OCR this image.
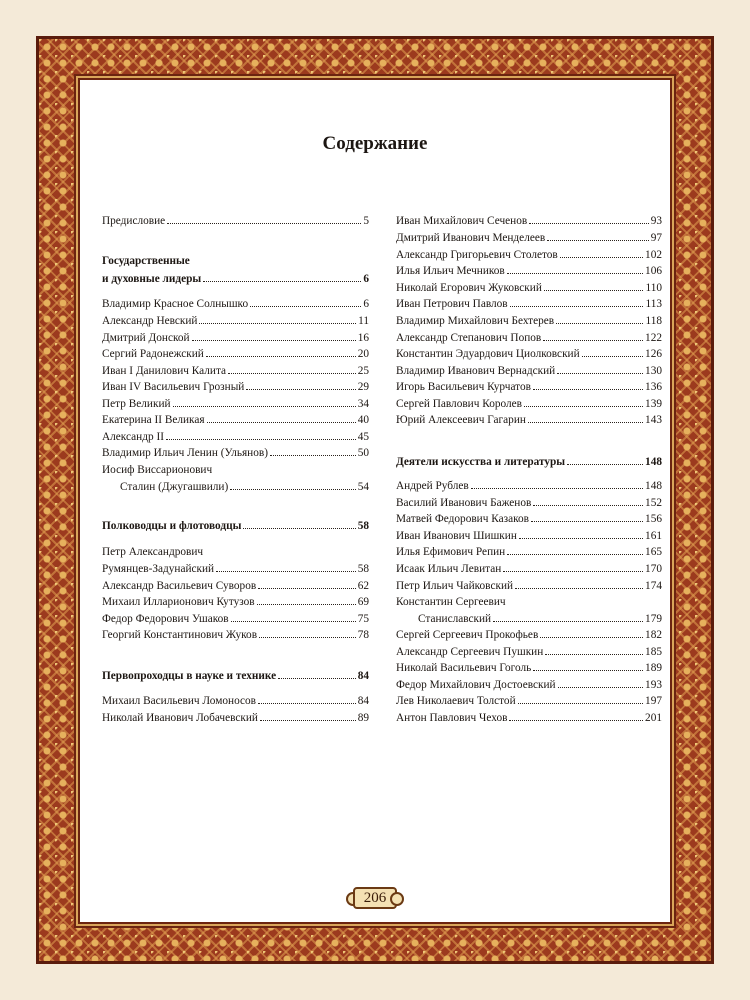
Содержание
Предисловие	5
Государственные
и духовные лидеры	6
Владимир Красное Солнышко	6
Александр Невский	11
Дмитрий Донской	16
Сергий Радонежский	20
Иван I Данилович Калита	25
Иван IV Васильевич Грозный	29
Петр Великий	34
Екатерина II Великая	40
Александр II	45
Владимир Ильич Ленин (Ульянов)	50
Иосиф Виссарионович
Сталин (Джугашвили)	54
Полководцы и флотоводцы	58
Петр Александрович
Румянцев-Задунайский	58
Александр Васильевич Суворов	62
Михаил Илларионович Кутузов	69
Федор Федорович Ушаков	75
Георгий Константинович Жуков	78
Первопроходцы в науке и технике	84
Михаил Васильевич Ломоносов	84
Николай Иванович Лобачевский	89
Иван Михайлович Сеченов	93
Дмитрий Иванович Менделеев	97
Александр Григорьевич Столетов	102
Илья Ильич Мечников	106
Николай Егорович Жуковский	110
Иван Петрович Павлов	113
Владимир Михайлович Бехтерев	118
Александр Степанович Попов	122
Константин Эдуардович Циолковский	126
Владимир Иванович Вернадский	130
Игорь Васильевич Курчатов	136
Сергей Павлович Королев	139
Юрий Алексеевич Гагарин	143
Деятели искусства и литературы	148
Андрей Рублев	148
Василий Иванович Баженов	152
Матвей Федорович Казаков	156
Иван Иванович Шишкин	161
Илья Ефимович Репин	165
Исаак Ильич Левитан	170
Петр Ильич Чайковский	174
Константин Сергеевич
Станиславский	179
Сергей Сергеевич Прокофьев	182
Александр Сергеевич Пушкин	185
Николай Васильевич Гоголь	189
Федор Михайлович Достоевский	193
Лев Николаевич Толстой	197
Антон Павлович Чехов	201
206
